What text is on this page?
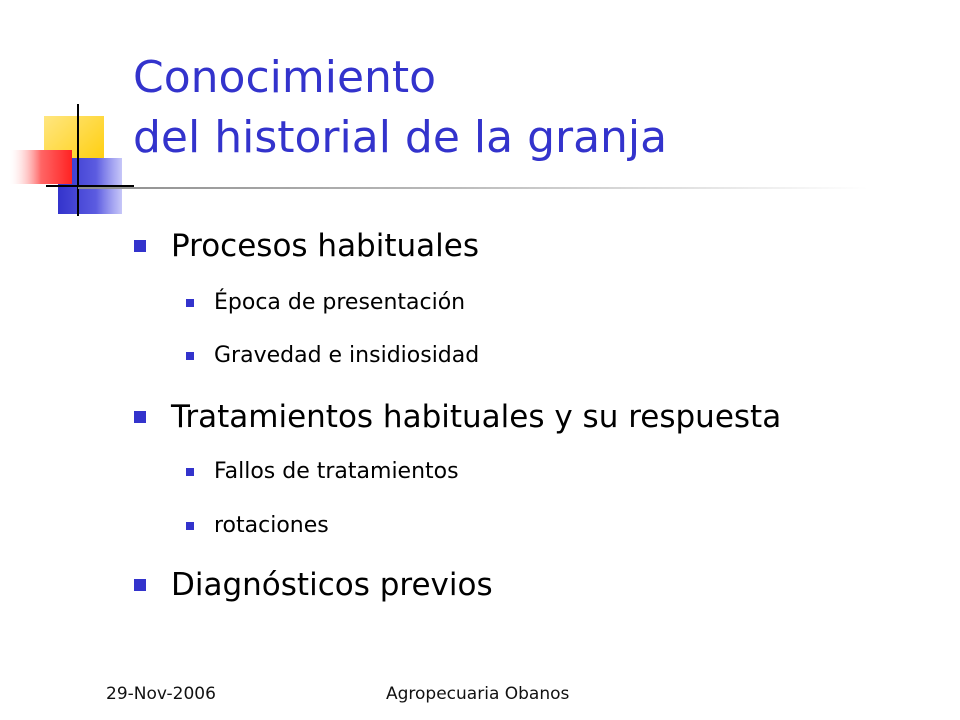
Conocimiento
del historial de la granja
Procesos habituales
Época de presentación
Gravedad e insidiosidad
Tratamientos habituales y su respuesta
Fallos de tratamientos
rotaciones
Diagnósticos previos
29-Nov-2006	Agropecuaria Obanos
